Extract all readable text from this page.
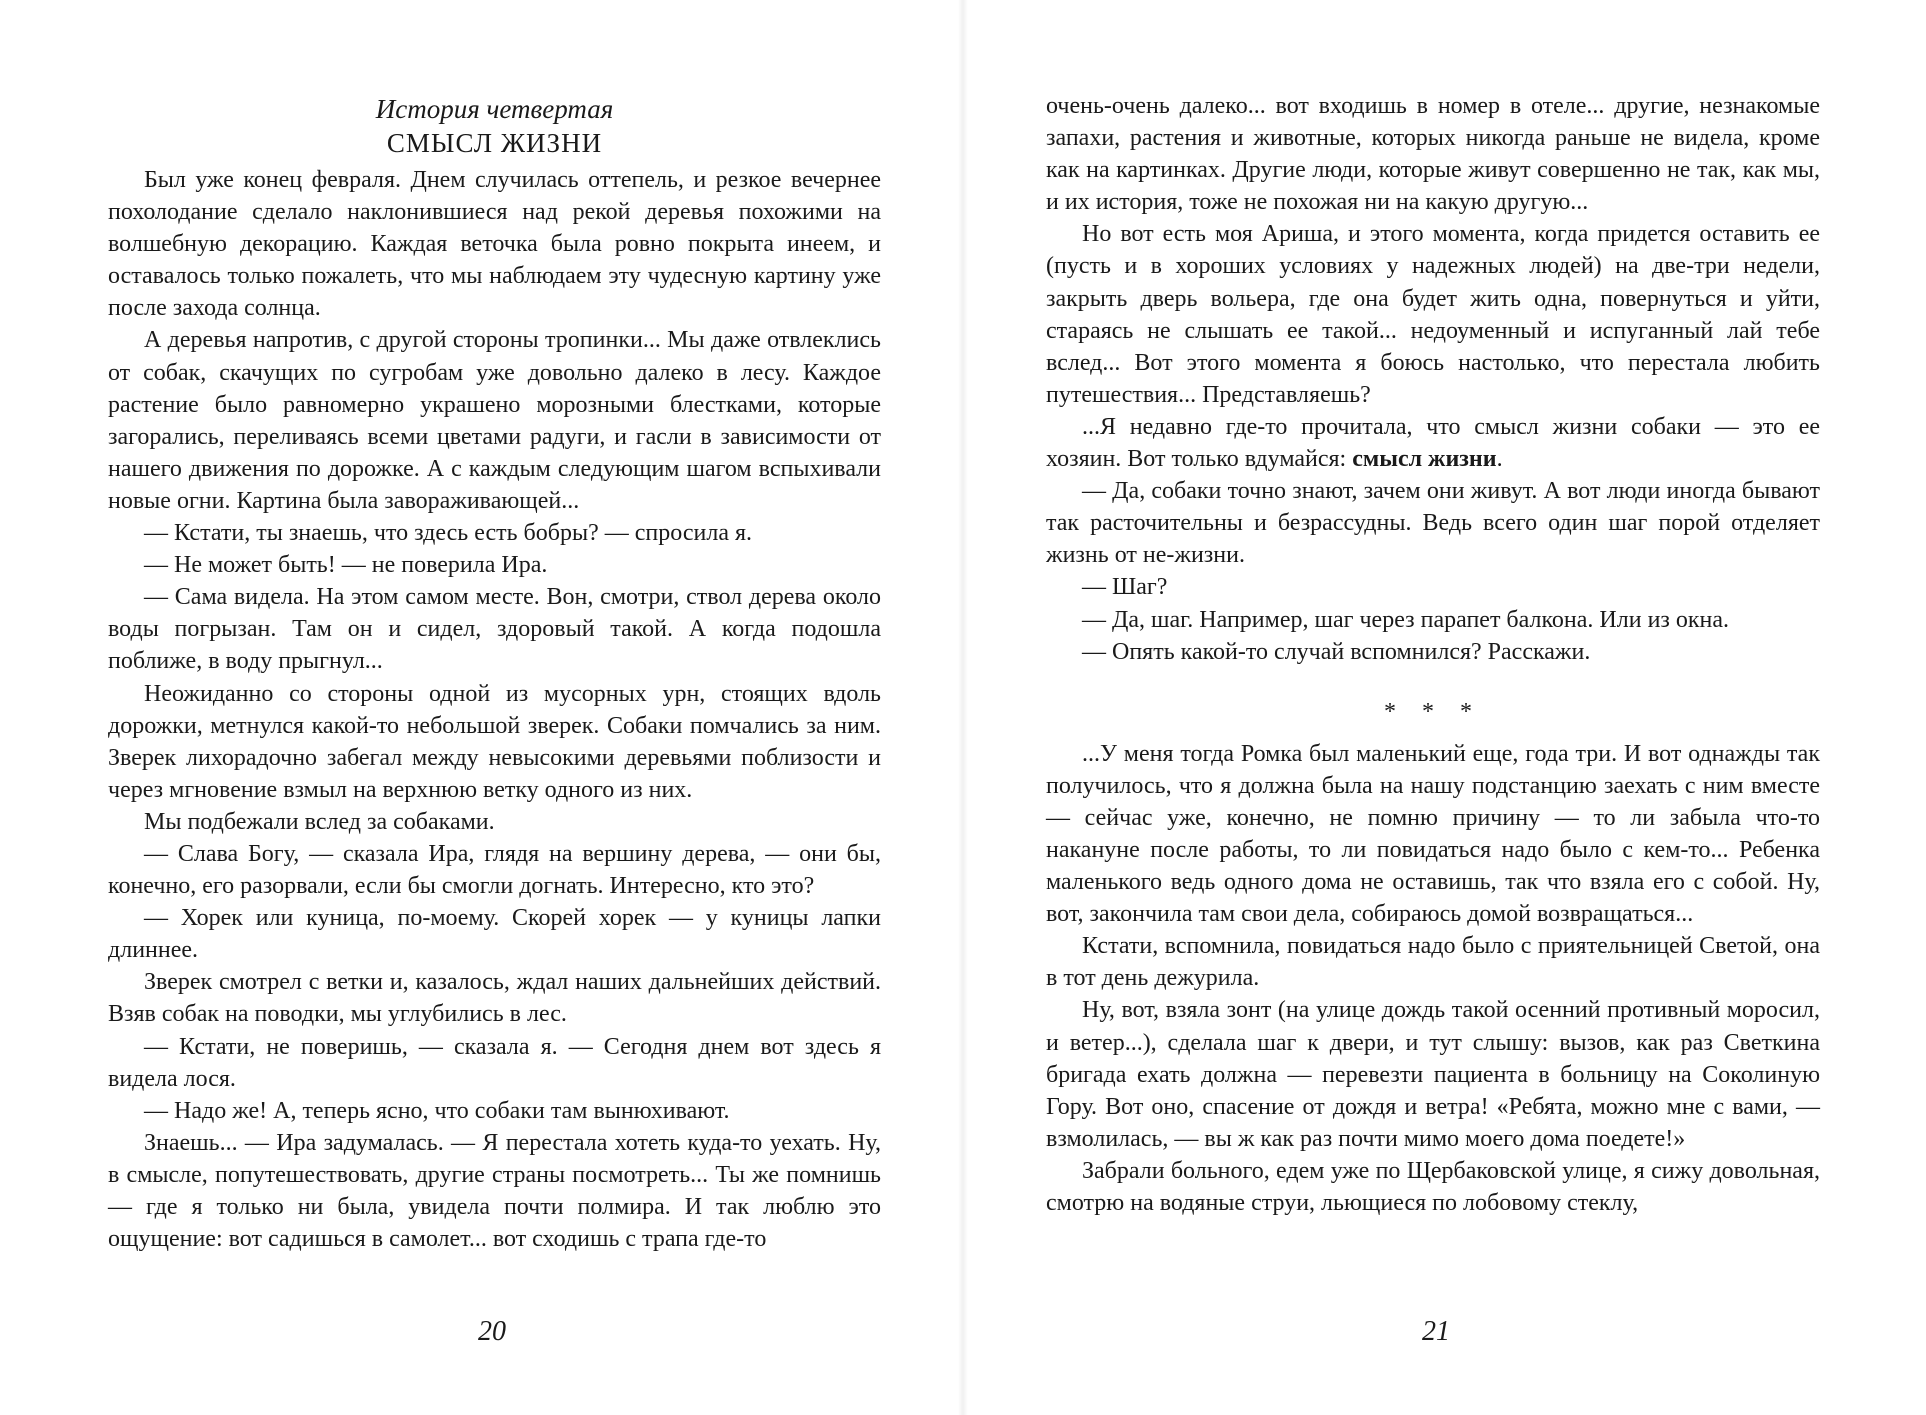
История четвертая
СМЫСЛ ЖИЗНИ

Был уже конец февраля. Днем случилась оттепель, и резкое вечернее похолодание сделало наклонившиеся над рекой деревья похожими на волшебную декорацию. Каждая веточка была ровно покрыта инеем, и оставалось только пожалеть, что мы наблюдаем эту чудесную картину уже после захода солнца.

А деревья напротив, с другой стороны тропинки... Мы даже отвлеклись от собак, скачущих по сугробам уже довольно далеко в лесу. Каждое растение было равномерно украшено морозными блестками, которые загорались, переливаясь всеми цветами радуги, и гасли в зависимости от нашего движения по дорожке. А с каждым следующим шагом вспыхивали новые огни. Картина была завораживающей...

— Кстати, ты знаешь, что здесь есть бобры? — спросила я.

— Не может быть! — не поверила Ира.

— Сама видела. На этом самом месте. Вон, смотри, ствол дерева около воды погрызан. Там он и сидел, здоровый такой. А когда подошла поближе, в воду прыгнул...

Неожиданно со стороны одной из мусорных урн, стоящих вдоль дорожки, метнулся какой-то небольшой зверек. Собаки помчались за ним. Зверек лихорадочно забегал между невысокими деревьями поблизости и через мгновение взмыл на верхнюю ветку одного из них.

Мы подбежали вслед за собаками.

— Слава Богу, — сказала Ира, глядя на вершину дерева, — они бы, конечно, его разорвали, если бы смогли догнать. Интересно, кто это?

— Хорек или куница, по-моему. Скорей хорек — у куницы лапки длиннее.

Зверек смотрел с ветки и, казалось, ждал наших дальнейших действий. Взяв собак на поводки, мы углубились в лес.

— Кстати, не поверишь, — сказала я. — Сегодня днем вот здесь я видела лося.

— Надо же! А, теперь ясно, что собаки там вынюхивают.

Знаешь... — Ира задумалась. — Я перестала хотеть куда-то уехать. Ну, в смысле, попутешествовать, другие страны посмотреть... Ты же помнишь — где я только ни была, увидела почти полмира. И так люблю это ощущение: вот садишься в самолет... вот сходишь с трапа где-то

20

очень-очень далеко... вот входишь в номер в отеле... другие, незнакомые запахи, растения и животные, которых никогда раньше не видела, кроме как на картинках. Другие люди, которые живут совершенно не так, как мы, и их история, тоже не похожая ни на какую другую...

Но вот есть моя Ариша, и этого момента, когда придется оставить ее (пусть и в хороших условиях у надежных людей) на две-три недели, закрыть дверь вольера, где она будет жить одна, повернуться и уйти, стараясь не слышать ее такой... недоуменный и испуганный лай тебе вслед... Вот этого момента я боюсь настолько, что перестала любить путешествия... Представляешь?

...Я недавно где-то прочитала, что смысл жизни собаки — это ее хозяин. Вот только вдумайся: смысл жизни.

— Да, собаки точно знают, зачем они живут. А вот люди иногда бывают так расточительны и безрассудны. Ведь всего один шаг порой отделяет жизнь от не-жизни.

— Шаг?

— Да, шаг. Например, шаг через парапет балкона. Или из окна.

— Опять какой-то случай вспомнился? Расскажи.

* * *

...У меня тогда Ромка был маленький еще, года три. И вот однажды так получилось, что я должна была на нашу подстанцию заехать с ним вместе — сейчас уже, конечно, не помню причину — то ли забыла что-то накануне после работы, то ли повидаться надо было с кем-то... Ребенка маленького ведь одного дома не оставишь, так что взяла его с собой. Ну, вот, закончила там свои дела, собираюсь домой возвращаться...

Кстати, вспомнила, повидаться надо было с приятельницей Светой, она в тот день дежурила.

Ну, вот, взяла зонт (на улице дождь такой осенний противный моросил, и ветер...), сделала шаг к двери, и тут слышу: вызов, как раз Светкина бригада ехать должна — перевезти пациента в больницу на Соколиную Гору. Вот оно, спасение от дождя и ветра! «Ребята, можно мне с вами, — взмолилась, — вы ж как раз почти мимо моего дома поедете!»

Забрали больного, едем уже по Щербаковской улице, я сижу довольная, смотрю на водяные струи, льющиеся по лобовому стеклу,

21
